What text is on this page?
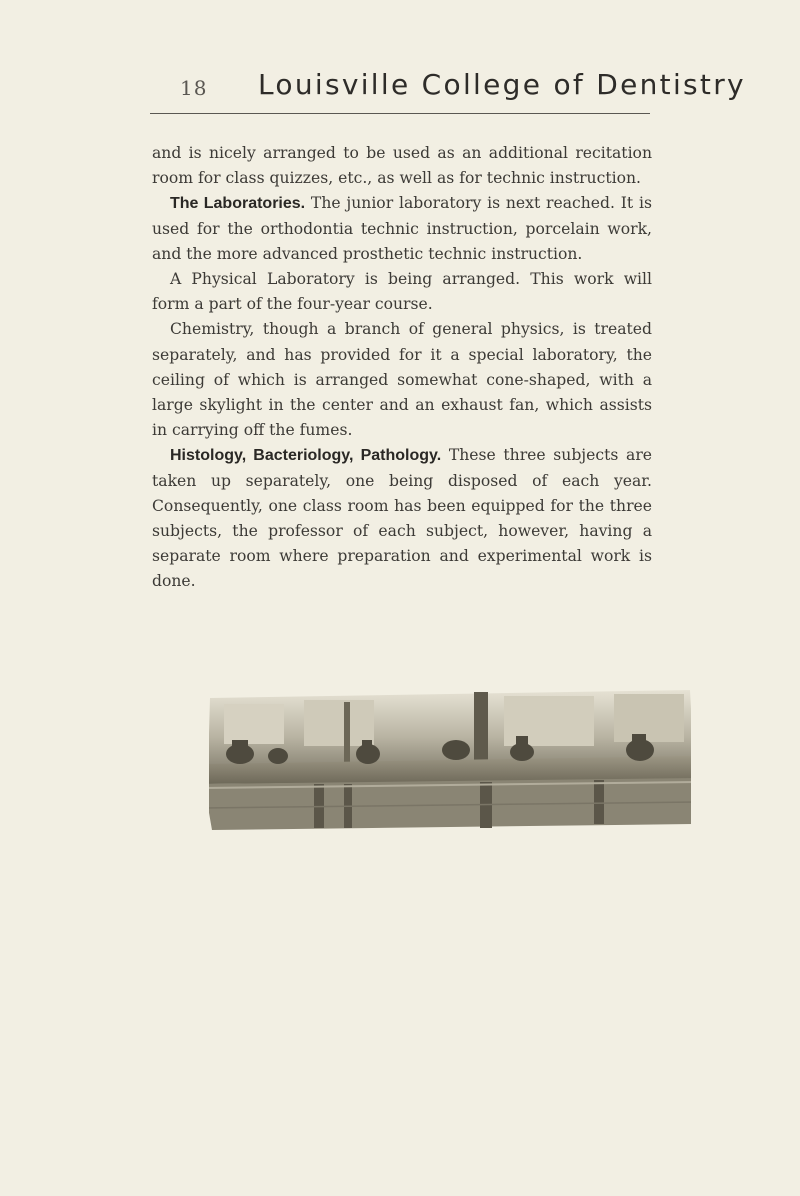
18 Louisville College of Dentistry

and is nicely arranged to be used as an additional recitation room for class quizzes, etc., as well as for technic instruction.

The Laboratories. The junior laboratory is next reached. It is used for the orthodontia technic instruction, porcelain work, and the more advanced prosthetic technic instruction.

A Physical Laboratory is being arranged. This work will form a part of the four-year course.

Chemistry, though a branch of general physics, is treated separately, and has provided for it a special laboratory, the ceiling of which is arranged somewhat cone-shaped, with a large skylight in the center and an exhaust fan, which assists in carrying off the fumes.

Histology, Bacteriology, Pathology. These three subjects are taken up separately, one being disposed of each year. Consequently, one class room has been equipped for the three subjects, the professor of each subject, however, having a separate room where preparation and experimental work is done.
